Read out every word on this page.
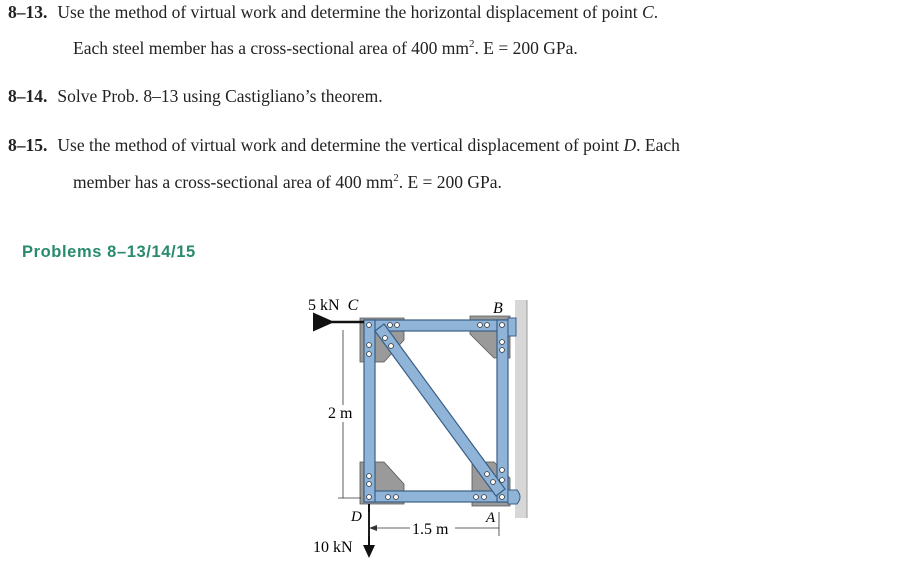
8–13. Use the method of virtual work and determine the horizontal displacement of point C.
Each steel member has a cross-sectional area of 400 $mm^2$. E = 200 GPa.
8–14. Solve Prob. 8–13 using Castigliano’s theorem.
8–15. Use the method of virtual work and determine the vertical displacement of point D. Each
member has a cross-sectional area of 400 $mm^2$. E = 200 GPa.
Problems 8–13/14/15
5 kN C	B
2 m
D
10 kN
1.5 m
A
